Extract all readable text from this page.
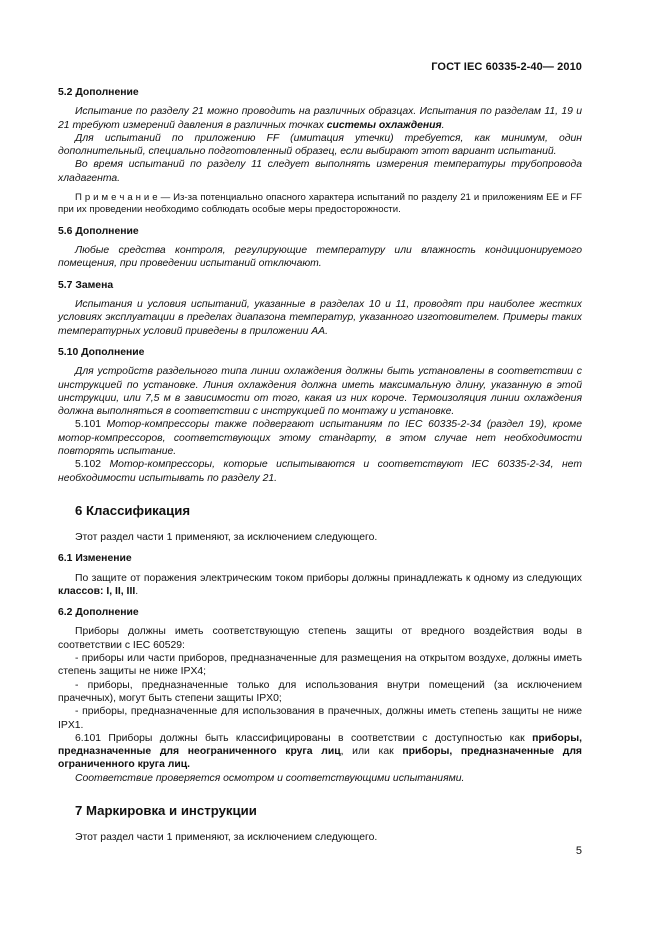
ГОСТ IEC 60335-2-40— 2010
5.2 Дополнение

Испытание по разделу 21 можно проводить на различных образцах. Испытания по разделам 11, 19 и 21 требуют измерений давления в различных точках системы охлаждения.

Для испытаний по приложению FF (имитация утечки) требуется, как минимум, один дополнительный, специально подготовленный образец, если выбирают этот вариант испытаний.

Во время испытаний по разделу 11 следует выполнять измерения температуры трубопровода хладагента.

П р и м е ч а н и е — Из-за потенциально опасного характера испытаний по разделу 21 и приложениям EE и FF при их проведении необходимо соблюдать особые меры предосторожности.

5.6 Дополнение

Любые средства контроля, регулирующие температуру или влажность кондиционируемого помещения, при проведении испытаний отключают.

5.7 Замена

Испытания и условия испытаний, указанные в разделах 10 и 11, проводят при наиболее жестких условиях эксплуатации в пределах диапазона температур, указанного изготовителем. Примеры таких температурных условий приведены в приложении АА.

5.10 Дополнение

Для устройств раздельного типа линии охлаждения должны быть установлены в соответствии с инструкцией по установке. Линия охлаждения должна иметь максимальную длину, указанную в этой инструкции, или 7,5 м в зависимости от того, какая из них короче. Термоизоляция линии охлаждения должна выполняться в соответствии с инструкцией по монтажу и установке.

5.101 Мотор-компрессоры также подвергают испытаниям по IEC 60335-2-34 (раздел 19), кроме мотор-компрессоров, соответствующих этому стандарту, в этом случае нет необходимости повторять испытание.

5.102 Мотор-компрессоры, которые испытываются и соответствуют IEC 60335-2-34, нет необходимости испытывать по разделу 21.

6 Классификация

Этот раздел части 1 применяют, за исключением следующего.

6.1 Изменение

По защите от поражения электрическим током приборы должны принадлежать к одному из следующих классов: I, II, III.

6.2 Дополнение

Приборы должны иметь соответствующую степень защиты от вредного воздействия воды в соответствии с IEC 60529:

- приборы или части приборов, предназначенные для размещения на открытом воздухе, должны иметь степень защиты не ниже IPX4;

- приборы, предназначенные только для использования внутри помещений (за исключением прачечных), могут быть степени защиты IPX0;

- приборы, предназначенные для использования в прачечных, должны иметь степень защиты не ниже IPX1.

6.101 Приборы должны быть классифицированы в соответствии с доступностью как приборы, предназначенные для неограниченного круга лиц, или как приборы, предназначенные для ограниченного круга лиц.

Соответствие проверяется осмотром и соответствующими испытаниями.

7 Маркировка и инструкции

Этот раздел части 1 применяют, за исключением следующего.

5
